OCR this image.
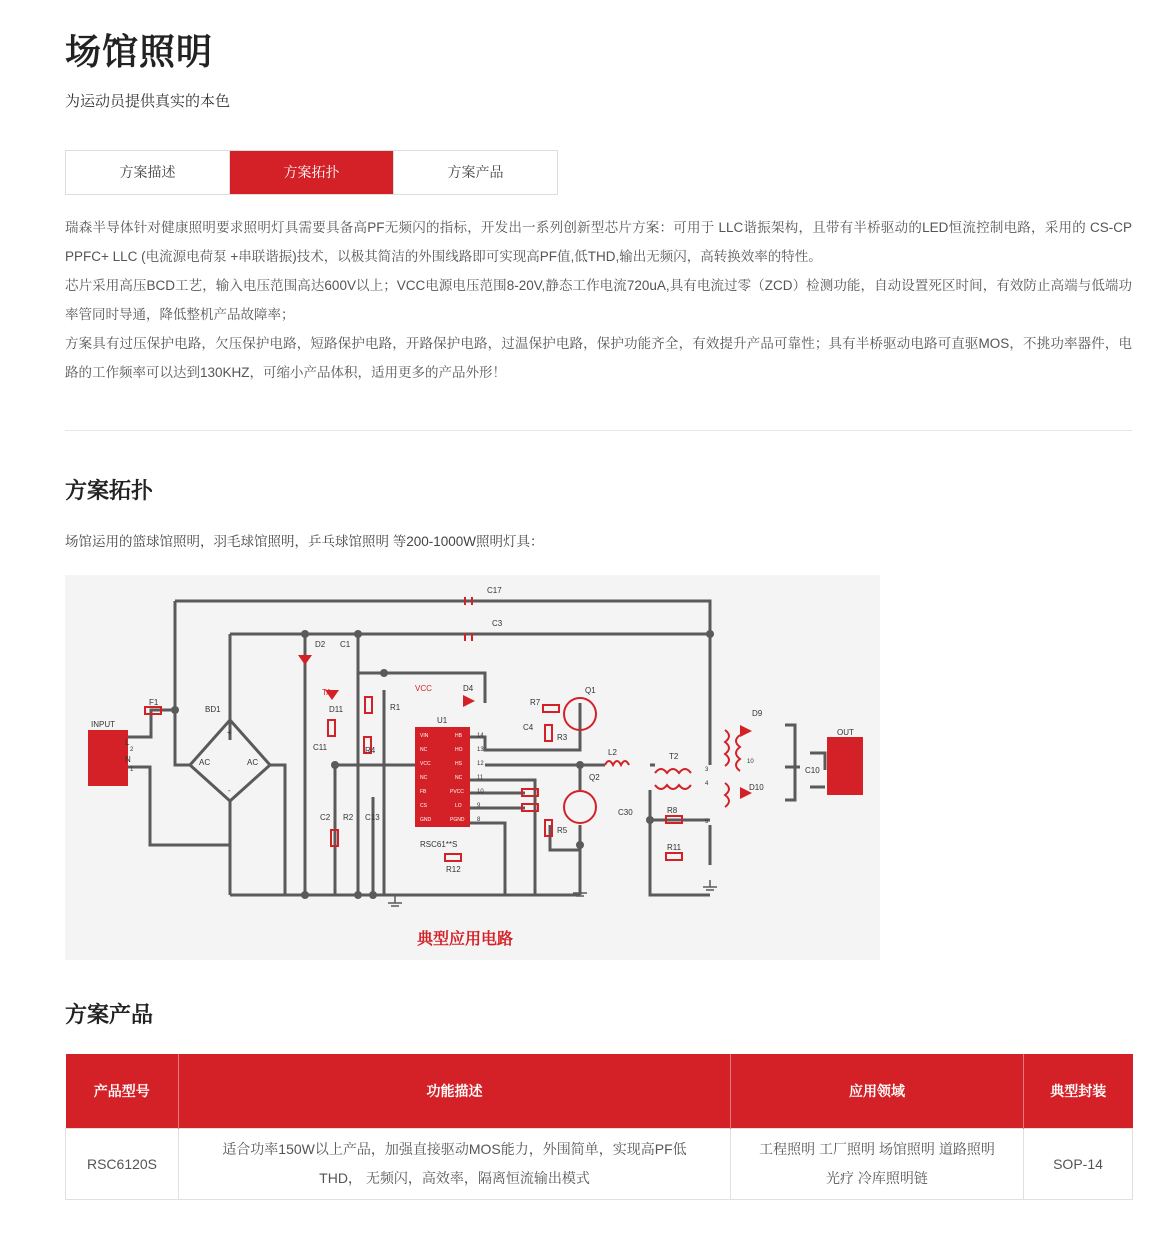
场馆照明
为运动员提供真实的本色
方案描述	方案拓扑	方案产品

瑞森半导体针对健康照明要求照明灯具需要具备高PF无频闪的指标，开发出一系列创新型芯片方案：可用于 LLC谐振架构，且带有半桥驱动的LED恒流控制电路，采用的 CS-CP PPFC+ LLC (电流源电荷泵 +串联谐振)技术，以极其简洁的外围线路即可实现高PF值,低THD,输出无频闪，高转换效率的特性。

芯片采用高压BCD工艺，输入电压范围高达600V以上；VCC电源电压范围8-20V,静态工作电流720uA,具有电流过零（ZCD）检测功能，自动设置死区时间，有效防止高端与低端功率管同时导通，降低整机产品故障率；

方案具有过压保护电路，欠压保护电路，短路保护电路，开路保护电路，过温保护电路，保护功能齐全，有效提升产品可靠性；具有半桥驱动电路可直驱MOS，不挑功率器件，电路的工作频率可以达到130KHZ，可缩小产品体积，适用更多的产品外形！

方案拓扑
场馆运用的篮球馆照明，羽毛球馆照明，乒乓球馆照明 等200-1000W照明灯具：
INPUT
OUT
L
N
F1
BD1
AC	AC
+
-
D2 C1
TA
D11
VCC
R1
R4
C11
C2 R2 C13
D4
R7
C4
R3
Q1
Q2
R5
C30
L2	T2
R8
R11
R12
U1
RSC61**S
C17
C3
D9
D10
C10
VIN
NC
VCC
NC
FB
CS
GND
HB
HO
HS
NC
PVCC
LO
PGND
14
13
12
11
10
9
8
2
1	3
4
5
10
典型应用电路
方案产品
产品型号	功能描述	应用领域	典型封装
RSC6120S	适合功率150W以上产品，加强直接驱动MOS能力，外围简单，实现高PF低THD， 无频闪，高效率，隔离恒流输出模式	工程照明 工厂照明 场馆照明 道路照明 光疗 冷库照明链	SOP-14
